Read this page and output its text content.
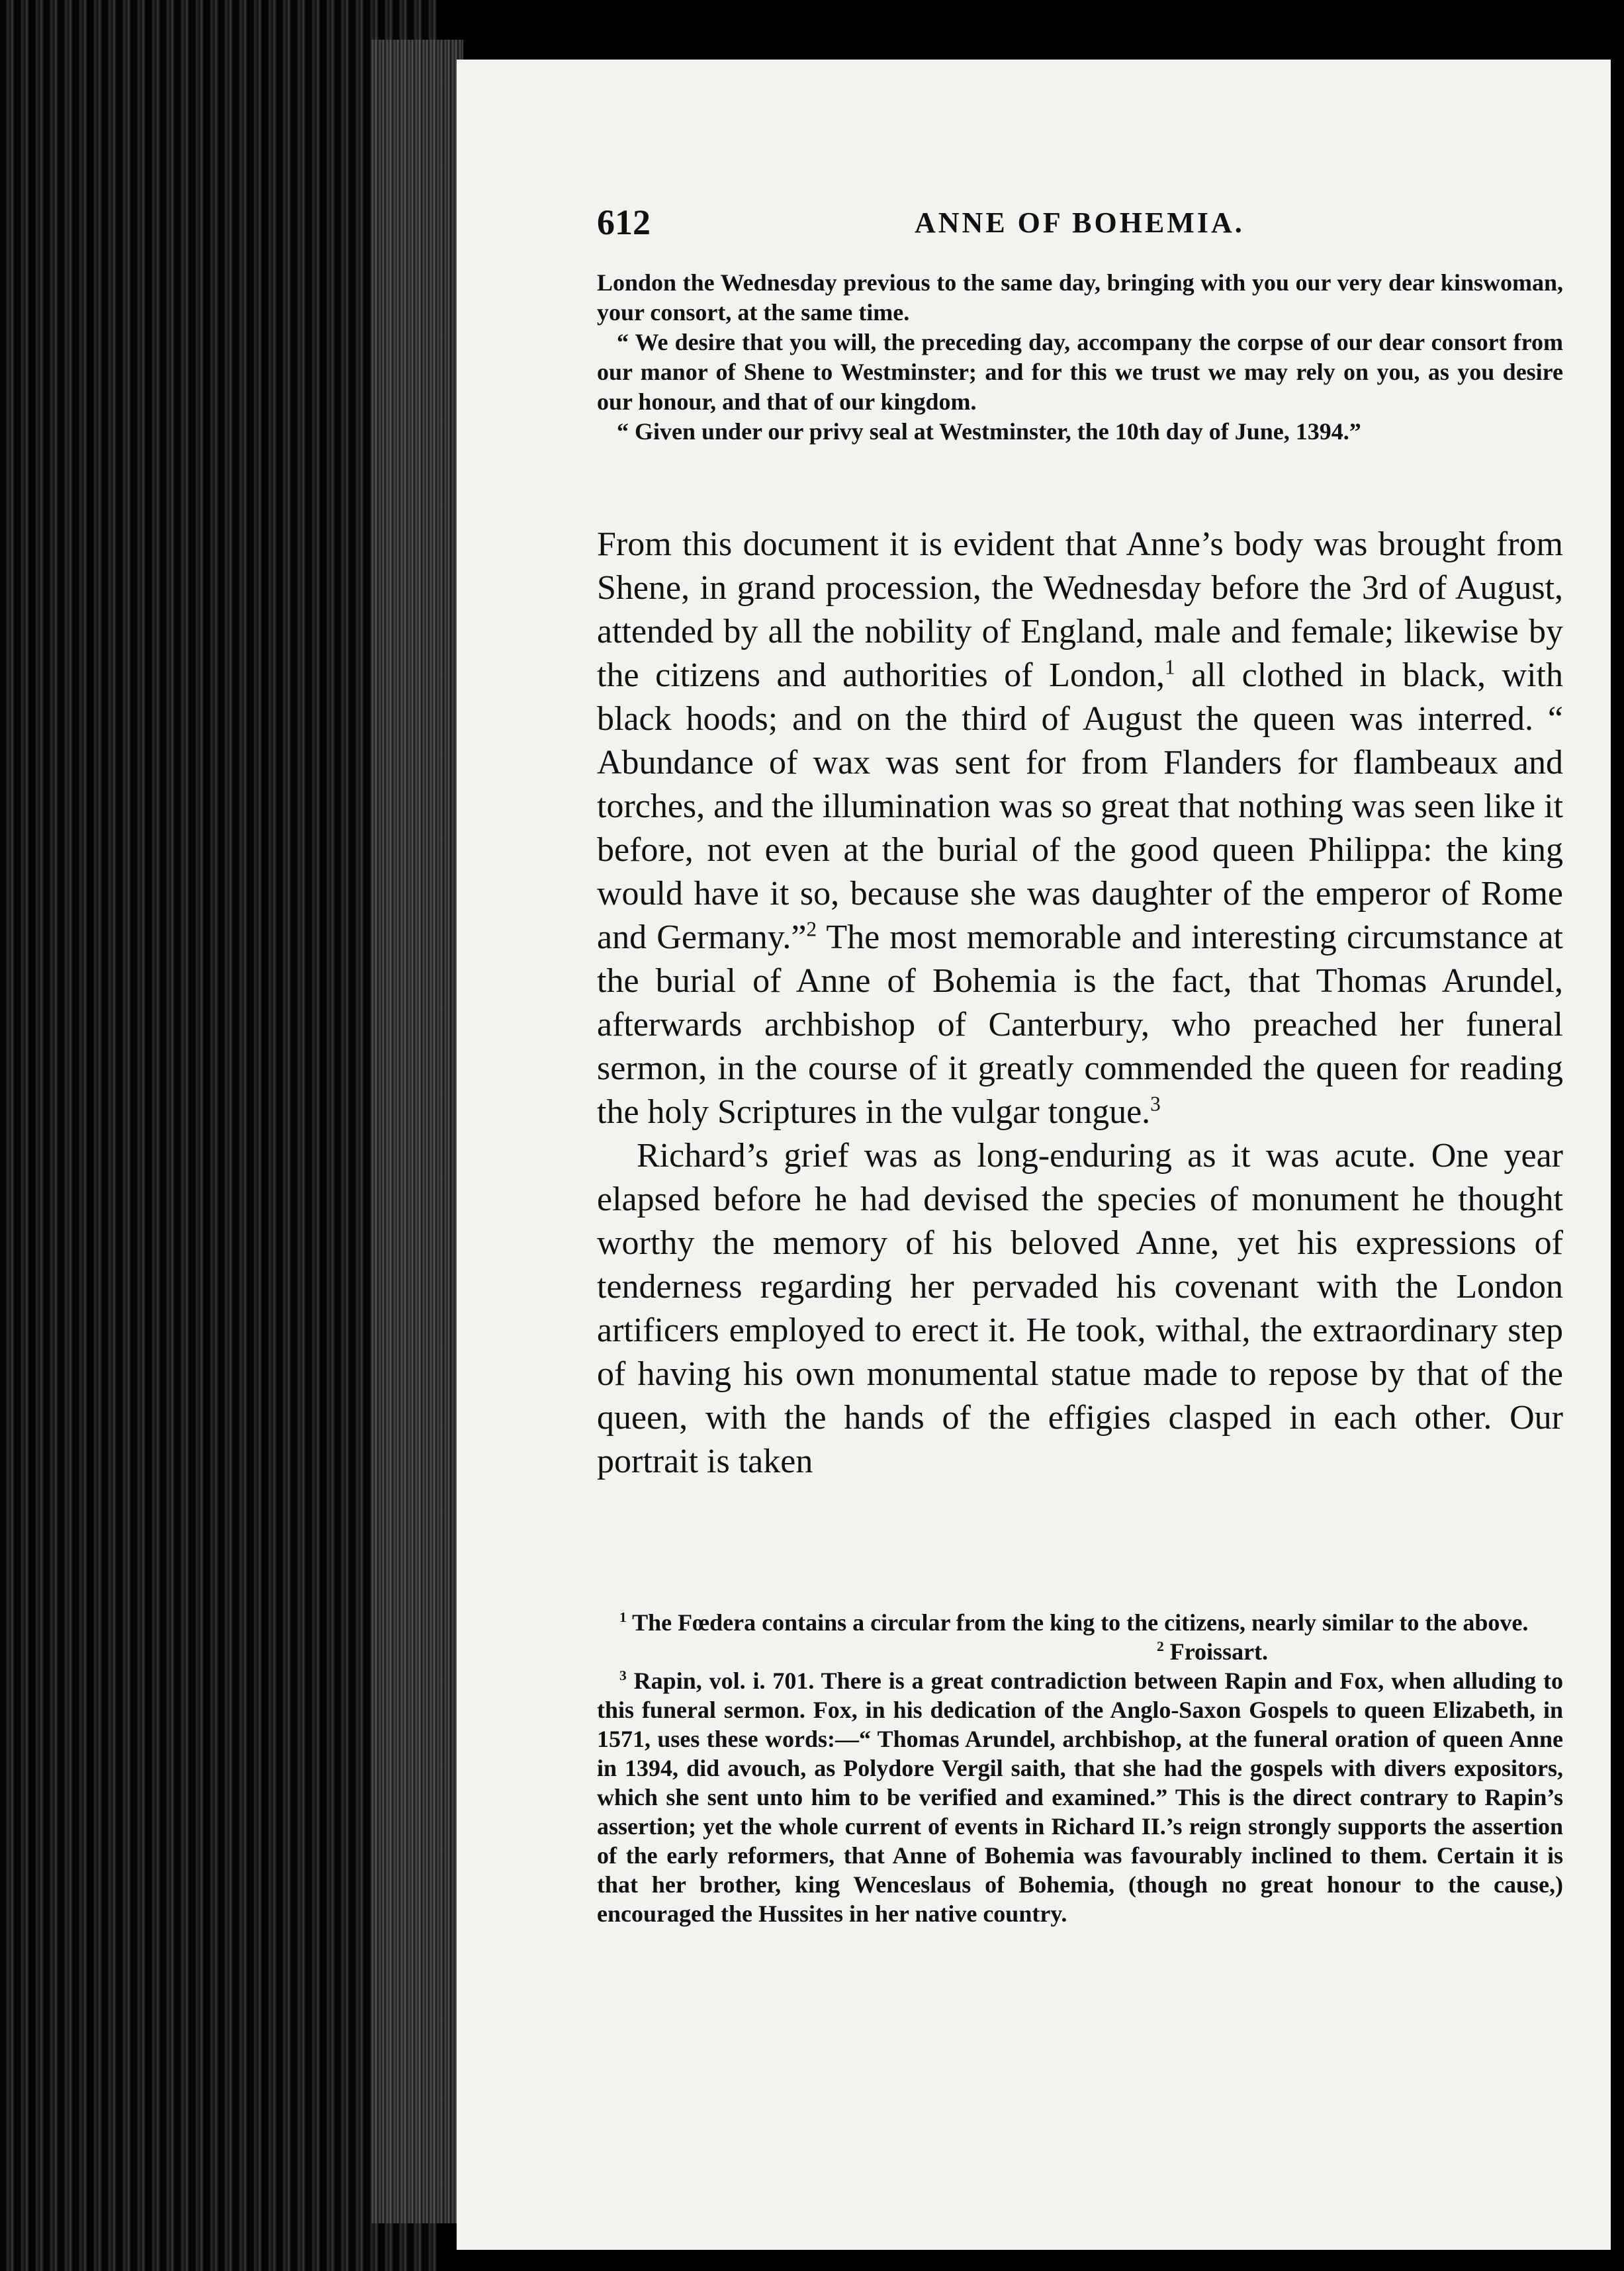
612	ANNE OF BOHEMIA.

London the Wednesday previous to the same day, bringing with you our very dear kinswoman, your consort, at the same time.

“ We desire that you will, the preceding day, accompany the corpse of our dear consort from our manor of Shene to Westminster; and for this we trust we may rely on you, as you desire our honour, and that of our kingdom.

“ Given under our privy seal at Westminster, the 10th day of June, 1394.”

From this document it is evident that Anne’s body was brought from Shene, in grand procession, the Wednesday before the 3rd of August, attended by all the nobility of England, male and female; likewise by the citizens and authorities of London,$^1$ all clothed in black, with black hoods; and on the third of August the queen was interred. “ Abundance of wax was sent for from Flanders for flambeaux and torches, and the illumination was so great that nothing was seen like it before, not even at the burial of the good queen Philippa: the king would have it so, because she was daughter of the emperor of Rome and Germany.”$^2$ The most memorable and interesting circumstance at the burial of Anne of Bohemia is the fact, that Thomas Arundel, afterwards archbishop of Canterbury, who preached her funeral sermon, in the course of it greatly commended the queen for reading the holy Scriptures in the vulgar tongue.$^3$

Richard’s grief was as long-enduring as it was acute. One year elapsed before he had devised the species of monument he thought worthy the memory of his beloved Anne, yet his expressions of tenderness regarding her pervaded his covenant with the London artificers employed to erect it. He took, withal, the extraordinary step of having his own monumental statue made to repose by that of the queen, with the hands of the effigies clasped in each other. Our portrait is taken

$^1$ The Fœdera contains a circular from the king to the citizens, nearly similar to the above.

$^2$ Froissart.

$^3$ Rapin, vol. i. 701. There is a great contradiction between Rapin and Fox, when alluding to this funeral sermon. Fox, in his dedication of the Anglo-Saxon Gospels to queen Elizabeth, in 1571, uses these words:—“ Thomas Arundel, archbishop, at the funeral oration of queen Anne in 1394, did avouch, as Polydore Vergil saith, that she had the gospels with divers expositors, which she sent unto him to be verified and examined.” This is the direct contrary to Rapin’s assertion; yet the whole current of events in Richard II.’s reign strongly supports the assertion of the early reformers, that Anne of Bohemia was favourably inclined to them. Certain it is that her brother, king Wenceslaus of Bohemia, (though no great honour to the cause,) encouraged the Hussites in her native country.
